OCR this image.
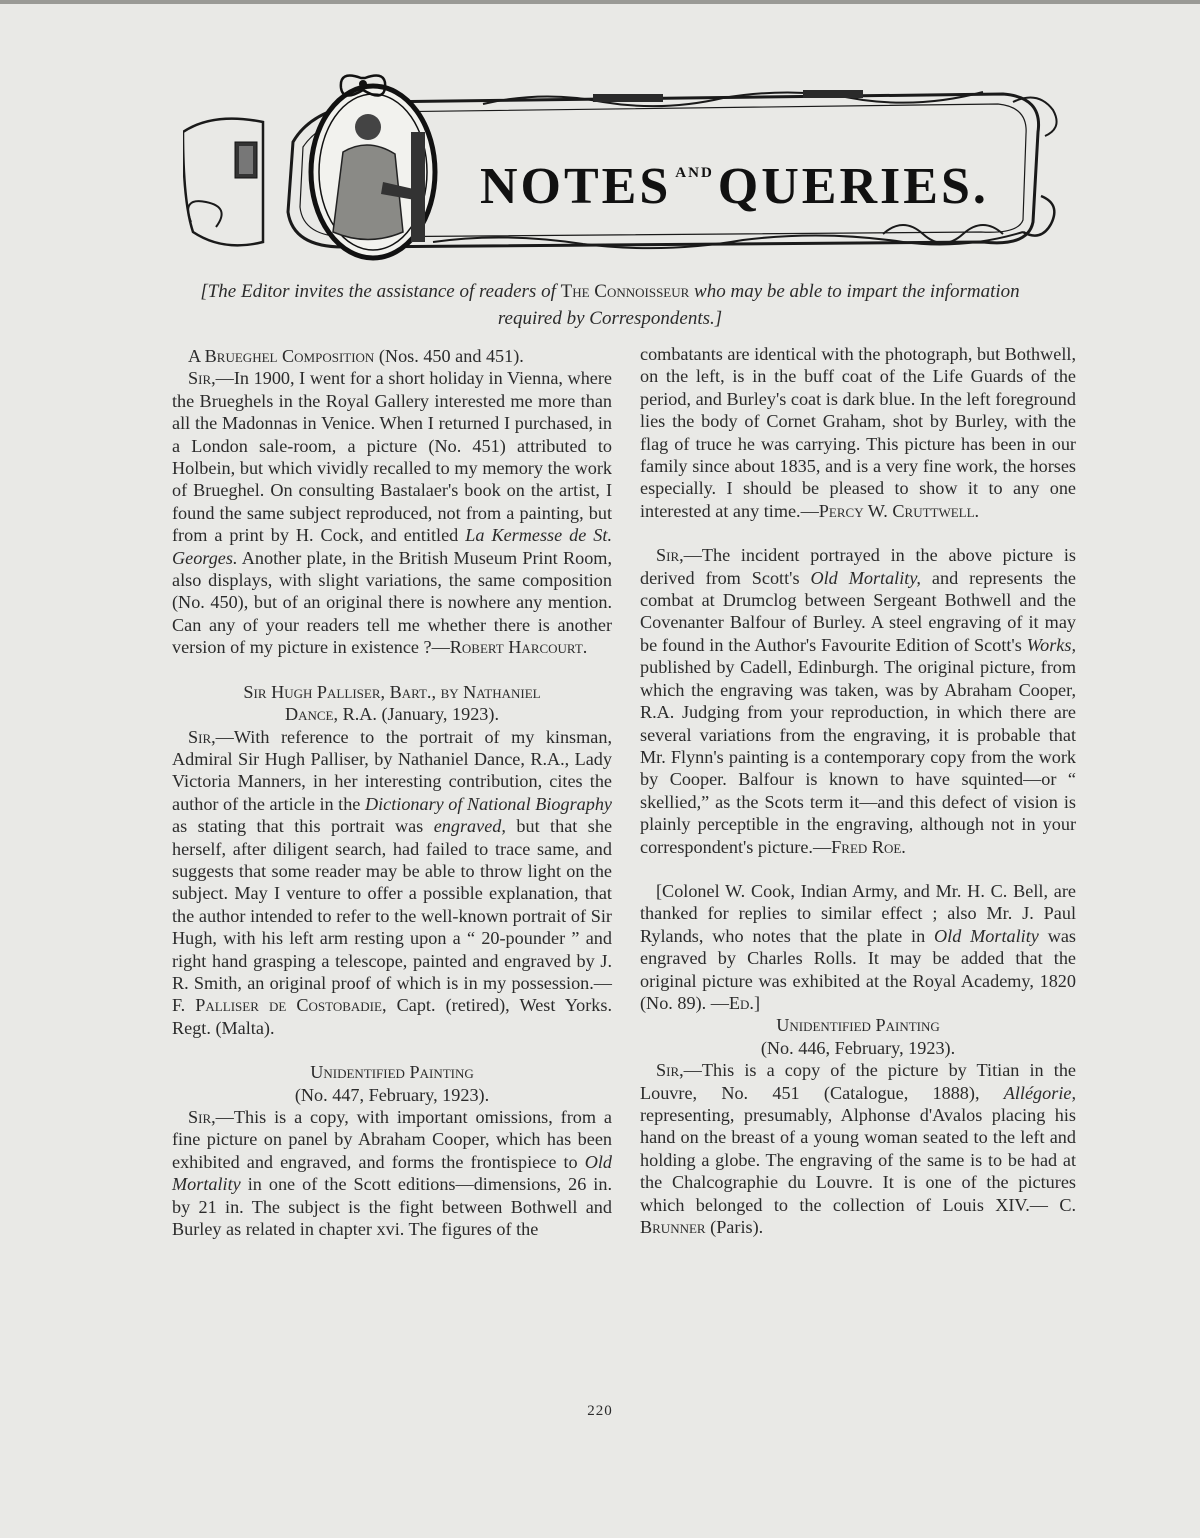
NOTES $^{AND}$QUERIES.
[The Editor invites the assistance of readers of The Connoisseur who may be able to impart the information required by Correspondents.]

A Brueghel Composition (Nos. 450 and 451).

Sir,—In 1900, I went for a short holiday in Vienna, where the Brueghels in the Royal Gallery interested me more than all the Madonnas in Venice. When I returned I purchased, in a London sale-room, a picture (No. 451) attributed to Holbein, but which vividly recalled to my memory the work of Brueghel. On consulting Bastalaer's book on the artist, I found the same subject reproduced, not from a painting, but from a print by H. Cock, and entitled La Kermesse de St. Georges. Another plate, in the British Museum Print Room, also displays, with slight variations, the same composition (No. 450), but of an original there is nowhere any mention. Can any of your readers tell me whether there is another version of my picture in existence ?—Robert Harcourt.

Sir Hugh Palliser, Bart., by Nathaniel
Dance, R.A. (January, 1923).

Sir,—With reference to the portrait of my kinsman, Admiral Sir Hugh Palliser, by Nathaniel Dance, R.A., Lady Victoria Manners, in her interesting contribution, cites the author of the article in the Dictionary of National Biography as stating that this portrait was engraved, but that she herself, after diligent search, had failed to trace same, and suggests that some reader may be able to throw light on the subject. May I venture to offer a possible explanation, that the author intended to refer to the well-known portrait of Sir Hugh, with his left arm resting upon a “ 20-pounder ” and right hand grasping a telescope, painted and engraved by J. R. Smith, an original proof of which is in my possession.— F. Palliser de Costobadie, Capt. (retired), West Yorks. Regt. (Malta).

Unidentified Painting
(No. 447, February, 1923).

Sir,—This is a copy, with important omissions, from a fine picture on panel by Abraham Cooper, which has been exhibited and engraved, and forms the frontispiece to Old Mortality in one of the Scott editions—dimensions, 26 in. by 21 in. The subject is the fight between Bothwell and Burley as related in chapter xvi. The figures of the

combatants are identical with the photograph, but Bothwell, on the left, is in the buff coat of the Life Guards of the period, and Burley's coat is dark blue. In the left foreground lies the body of Cornet Graham, shot by Burley, with the flag of truce he was carrying. This picture has been in our family since about 1835, and is a very fine work, the horses especially. I should be pleased to show it to any one interested at any time.—Percy W. Cruttwell.

Sir,—The incident portrayed in the above picture is derived from Scott's Old Mortality, and represents the combat at Drumclog between Sergeant Bothwell and the Covenanter Balfour of Burley. A steel engraving of it may be found in the Author's Favourite Edition of Scott's Works, published by Cadell, Edinburgh. The original picture, from which the engraving was taken, was by Abraham Cooper, R.A. Judging from your reproduction, in which there are several variations from the engraving, it is probable that Mr. Flynn's painting is a contemporary copy from the work by Cooper. Balfour is known to have squinted—or “ skellied,” as the Scots term it—and this defect of vision is plainly perceptible in the engraving, although not in your correspondent's picture.—Fred Roe.

[Colonel W. Cook, Indian Army, and Mr. H. C. Bell, are thanked for replies to similar effect ; also Mr. J. Paul Rylands, who notes that the plate in Old Mortality was engraved by Charles Rolls. It may be added that the original picture was exhibited at the Royal Academy, 1820 (No. 89). —Ed.]

Unidentified Painting
(No. 446, February, 1923).

Sir,—This is a copy of the picture by Titian in the Louvre, No. 451 (Catalogue, 1888), Allégorie, representing, presumably, Alphonse d'Avalos placing his hand on the breast of a young woman seated to the left and holding a globe. The engraving of the same is to be had at the Chalcographie du Louvre. It is one of the pictures which belonged to the collection of Louis XIV.— C. Brunner (Paris).

220
